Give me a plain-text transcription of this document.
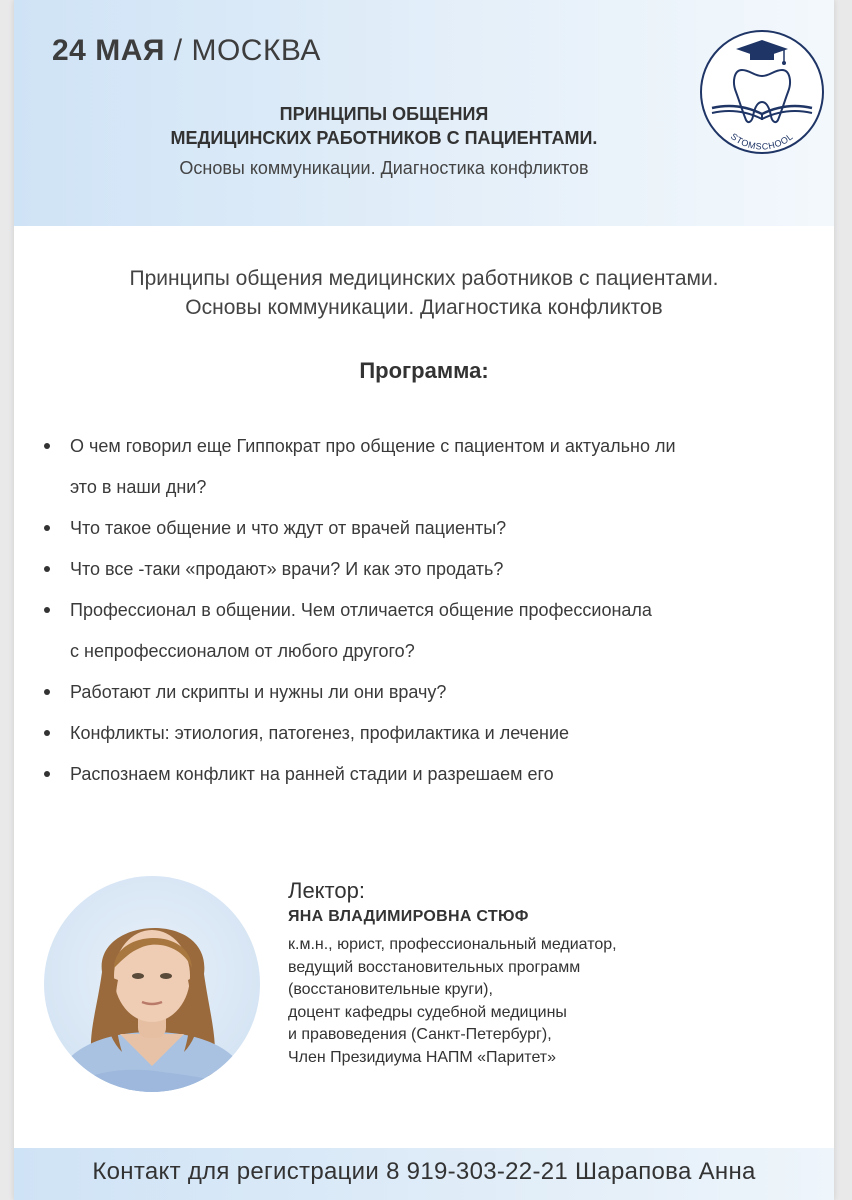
24 МАЯ / МОСКВА
ПРИНЦИПЫ ОБЩЕНИЯ
МЕДИЦИНСКИХ РАБОТНИКОВ С ПАЦИЕНТАМИ.
Основы коммуникации. Диагностика конфликтов
STOMSCHOOL
Принципы общения медицинских работников с пациентами.
Основы коммуникации. Диагностика конфликтов
Программа:
О чем говорил еще Гиппократ про общение с пациентом и актуально ли
это в наши дни?
Что такое общение и что ждут от врачей пациенты?
Что все -таки «продают» врачи? И как это продать?
Профессионал в общении. Чем отличается общение профессионала
с непрофессионалом от любого другого?
Работают ли скрипты и нужны ли они врачу?
Конфликты: этиология, патогенез, профилактика и лечение
Распознаем конфликт на ранней стадии и разрешаем его
Лектор:
ЯНА ВЛАДИМИРОВНА СТЮФ
к.м.н., юрист, профессиональный медиатор,
ведущий восстановительных программ
(восстановительные круги),
доцент кафедры судебной медицины
и правоведения (Санкт-Петербург),
Член Президиума НАПМ «Паритет»
Контакт для регистрации 8 919-303-22-21 Шарапова Анна
